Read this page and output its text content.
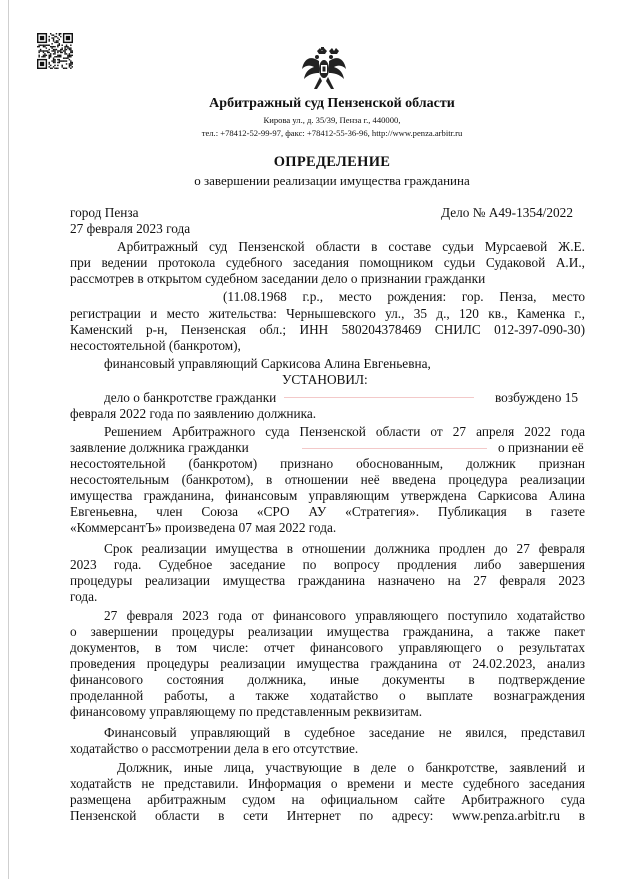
Арбитражный суд Пензенской области
Кирова ул., д. 35/39, Пенза г., 440000,
тел.: +78412-52-99-97, факс: +78412-55-36-96, http://www.penza.arbitr.ru
ОПРЕДЕЛЕНИЕ
о завершении реализации имущества гражданина
город Пенза	Дело № А49-1354/2022
27 февраля 2023 года
Арбитражный суд Пензенской области в составе судьи Мурсаевой Ж.Е.
при ведении протокола судебного заседания помощником судьи Судаковой А.И.,
рассмотрев в открытом судебном заседании дело о признании гражданки
(11.08.1968 г.р., место рождения: гор. Пенза, место
регистрации и место жительства: Чернышевского ул., 35 д., 120 кв., Каменка г.,
Каменский р-н, Пензенская обл.; ИНН 580204378469 СНИЛС 012-397-090-30)
несостоятельной (банкротом),
финансовый управляющий Саркисова Алина Евгеньевна,
УСТАНОВИЛ:
дело о банкротстве гражданки	возбуждено 15
февраля 2022 года по заявлению должника.
Решением Арбитражного суда Пензенской области от 27 апреля 2022 года
заявление должника гражданки	о признании её
несостоятельной (банкротом) признано обоснованным, должник признан
несостоятельным (банкротом), в отношении неё введена процедура реализации
имущества гражданина, финансовым управляющим утверждена Саркисова Алина
Евгеньевна, член Союза «СРО АУ «Стратегия». Публикация в газете
«КоммерсантЪ» произведена 07 мая 2022 года.
Срок реализации имущества в отношении должника продлен до 27 февраля
2023 года. Судебное заседание по вопросу продления либо завершения
процедуры реализации имущества гражданина назначено на 27 февраля 2023
года.
27 февраля 2023 года от финансового управляющего поступило ходатайство
о завершении процедуры реализации имущества гражданина, а также пакет
документов, в том числе: отчет финансового управляющего о результатах
проведения процедуры реализации имущества гражданина от 24.02.2023, анализ
финансового состояния должника, иные документы в подтверждение
проделанной работы, а также ходатайство о выплате вознаграждения
финансовому управляющему по представленным реквизитам.
Финансовый управляющий в судебное заседание не явился, представил
ходатайство о рассмотрении дела в его отсутствие.
Должник, иные лица, участвующие в деле о банкротстве, заявлений и
ходатайств не представили. Информация о времени и месте судебного заседания
размещена арбитражным судом на официальном сайте Арбитражного суда
Пензенской области в сети Интернет по адресу: www.penza.arbitr.ru в
